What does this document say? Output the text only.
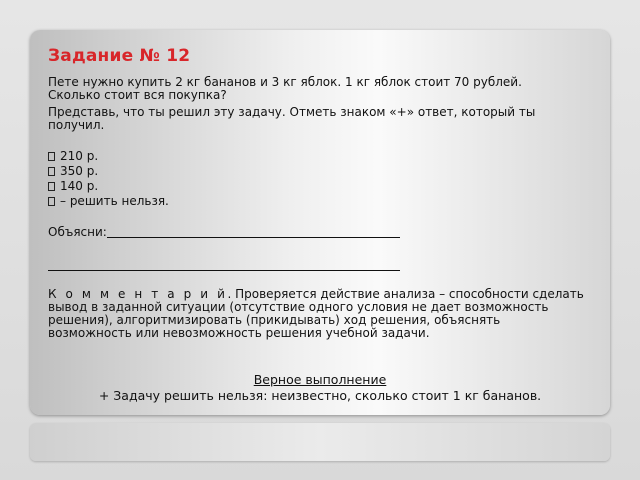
Задание № 12

Пете нужно купить 2 кг бананов и 3 кг яблок. 1 кг яблок стоит 70 рублей.

Сколько стоит вся покупка?

Представь, что ты решил эту задачу. Отметь знаком «+» ответ, который ты

получил.

210 р.
350 р.
140 р.
– решить нельзя.

Объясни:

К о м м е н т а р и й. Проверяется действие анализа – способности сделать

вывод в заданной ситуации (отсутствие одного условия не дает возможность

решения), алгоритмизировать (прикидывать) ход решения, объяснять

возможность или невозможность решения учебной задачи.

Верное выполнение
+ Задачу решить нельзя: неизвестно, сколько стоит 1 кг бананов.
